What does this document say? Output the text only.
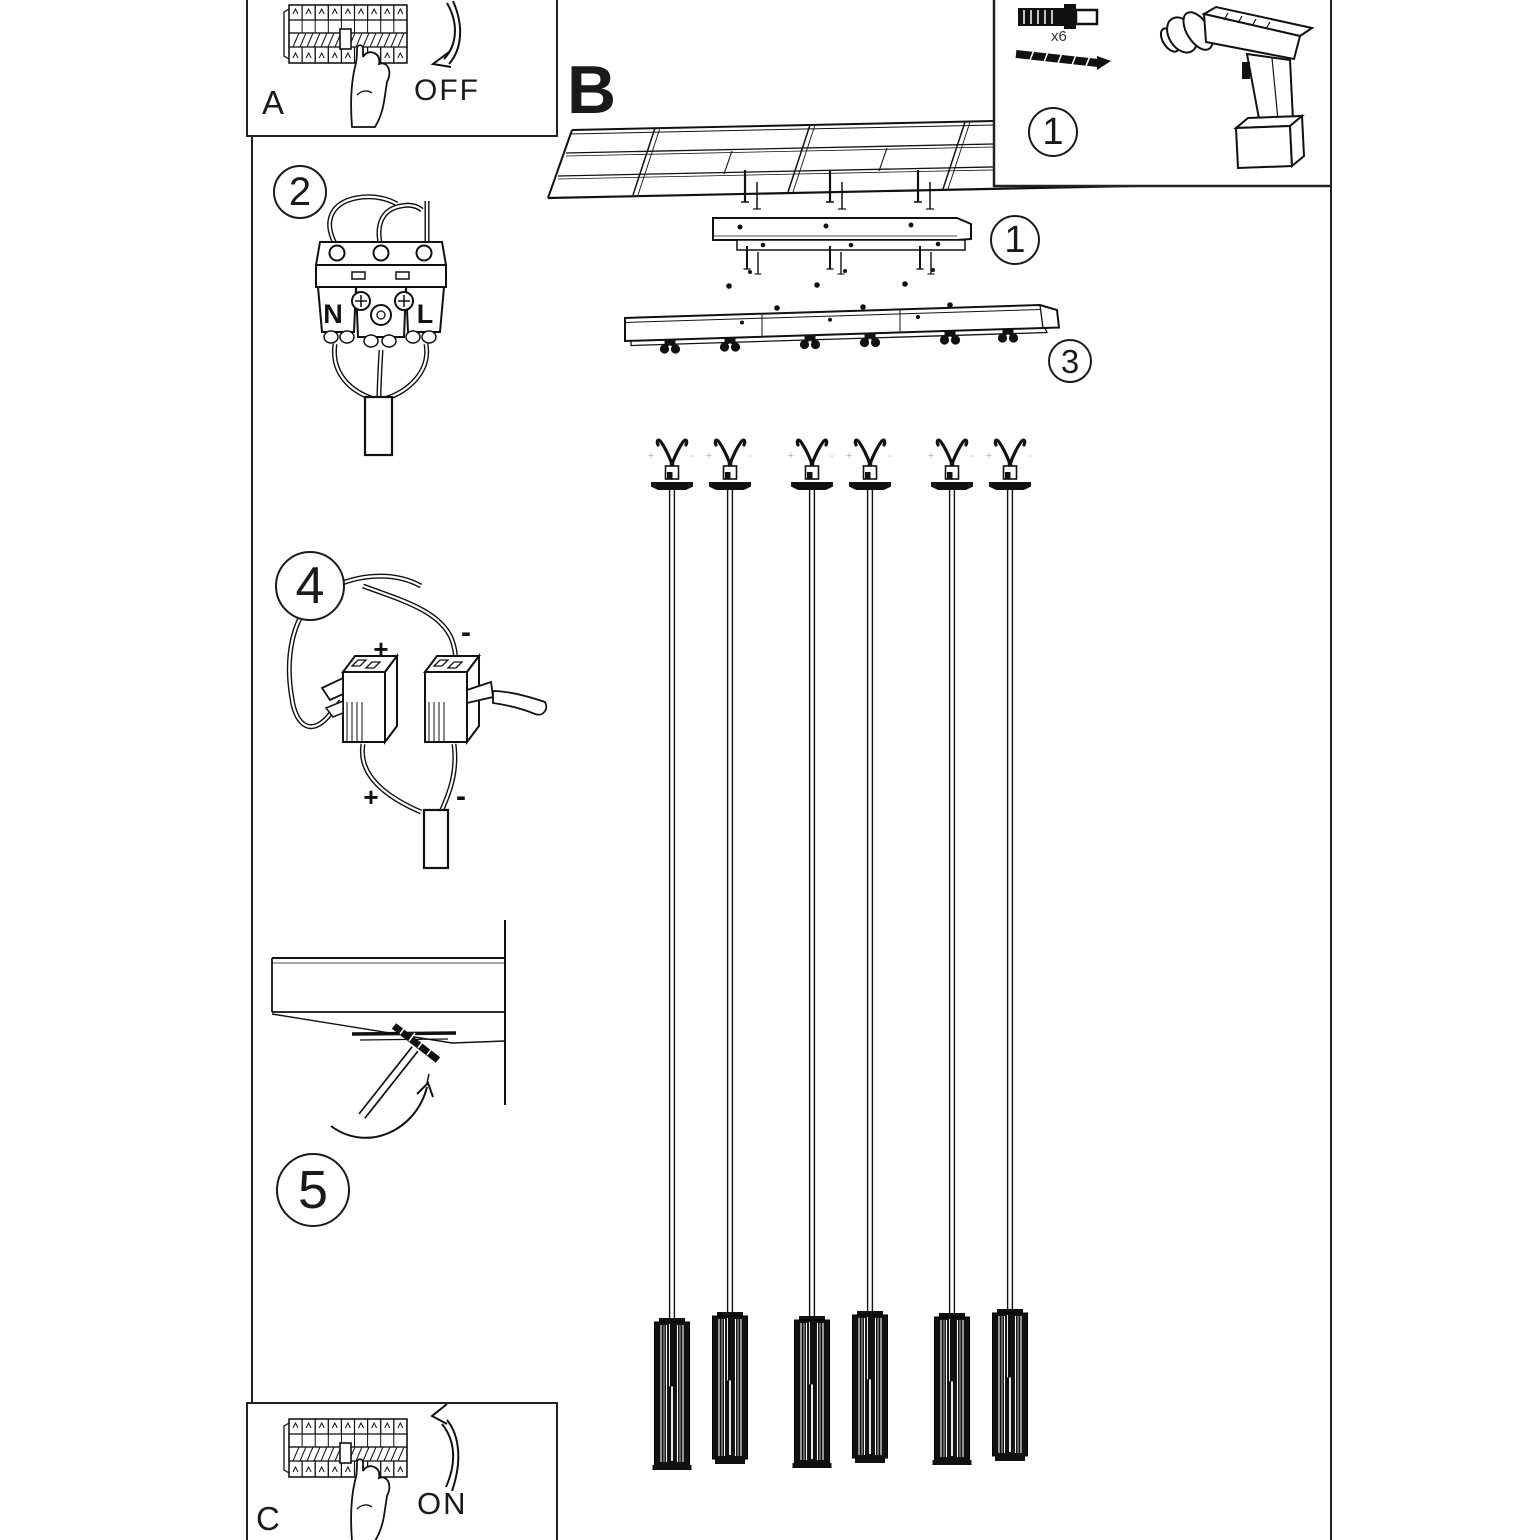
+	- +	-	+	- +	-	+	- +	-
N	L
+ -
+	-
A	OFF B
C	ON
x6
2
4
5
1
1
3
